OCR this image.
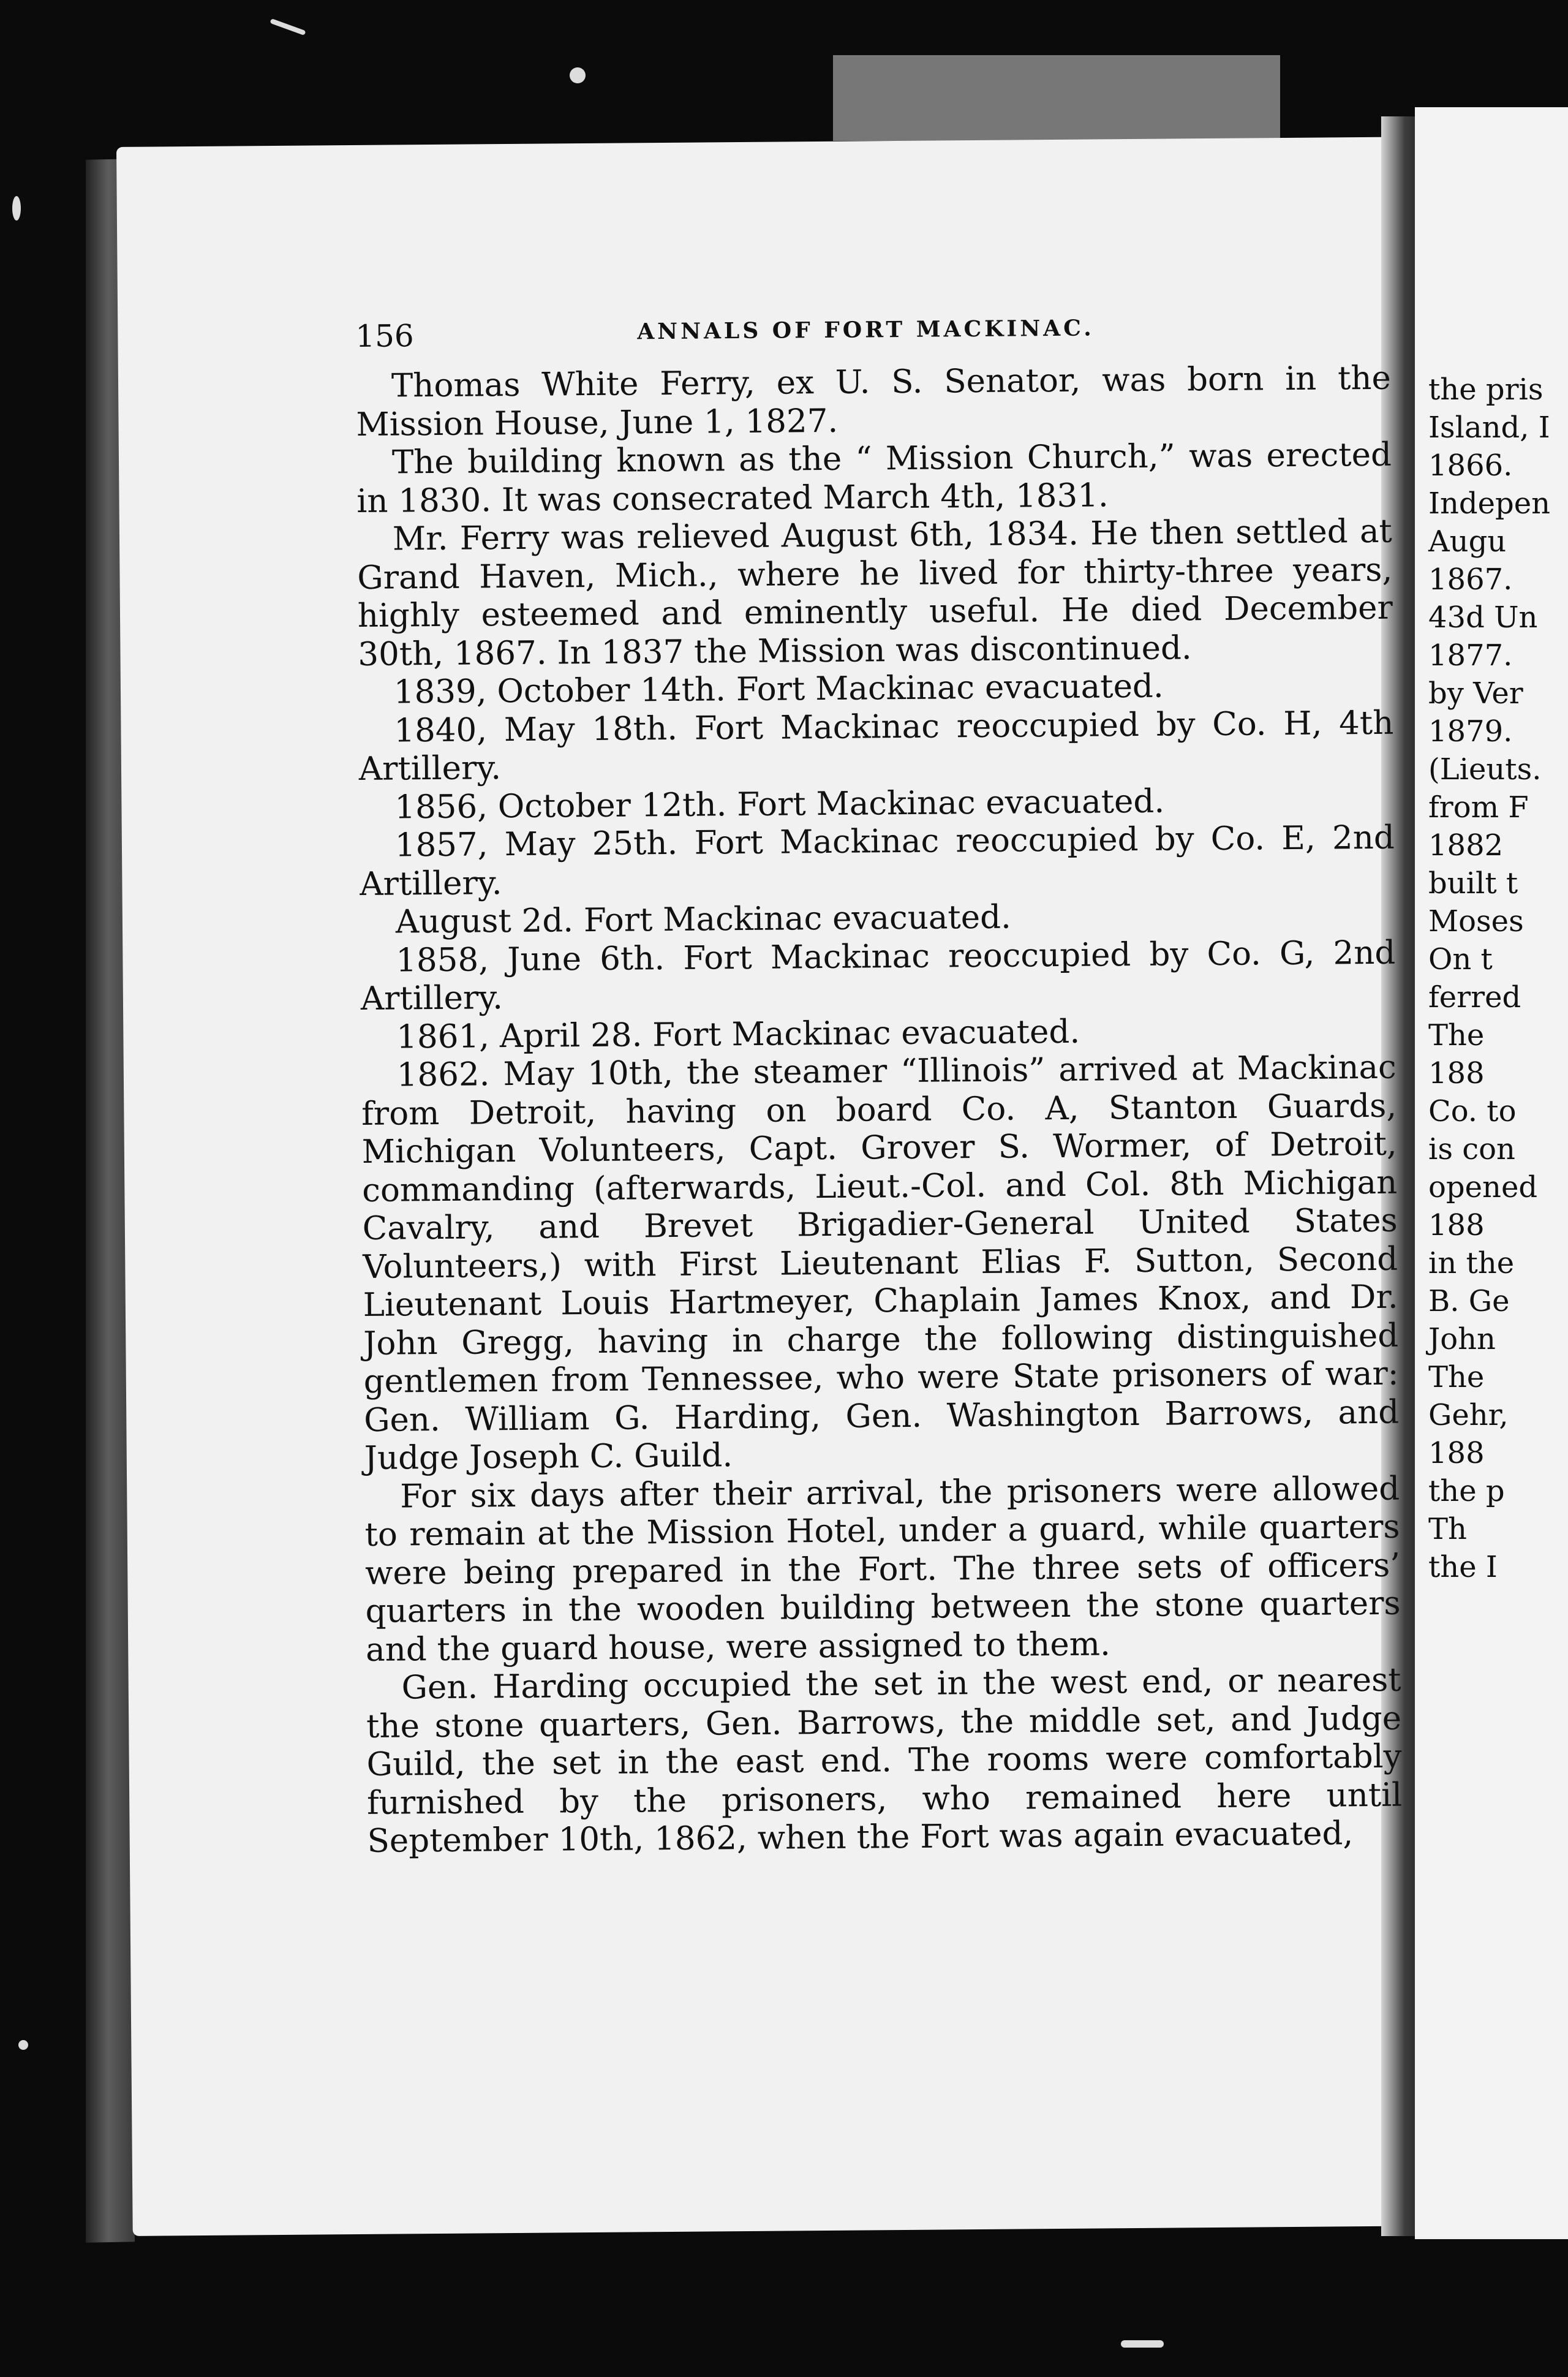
the pris
Island, I
1866.
Indepen
Augu
1867.
43d Un
1877.
by Ver
1879.
(Lieuts.
from F
1882
built t
Moses
On t
ferred
The
188
Co. to
is con
opened
188
in the
B. Ge
John
The
Gehr,
188
the p
Th
the I
156	ANNALS OF FORT MACKINAC.

Thomas White Ferry, ex U. S. Senator, was born in the Mission House, June 1, 1827.

The building known as the “ Mission Church,” was erected in 1830. It was consecrated March 4th, 1831.

Mr. Ferry was relieved August 6th, 1834. He then settled at Grand Haven, Mich., where he lived for thirty-three years, highly esteemed and eminently useful. He died December 30th, 1867. In 1837 the Mission was discontinued.

1839, October 14th. Fort Mackinac evacuated.

1840, May 18th. Fort Mackinac reoccupied by Co. H, 4th Artillery.

1856, October 12th. Fort Mackinac evacuated.

1857, May 25th. Fort Mackinac reoccupied by Co. E, 2nd Artillery.

August 2d. Fort Mackinac evacuated.

1858, June 6th. Fort Mackinac reoccupied by Co. G, 2nd Artillery.

1861, April 28. Fort Mackinac evacuated.

1862. May 10th, the steamer “Illinois” arrived at Mackinac from Detroit, having on board Co. A, Stanton Guards, Michigan Volunteers, Capt. Grover S. Wormer, of Detroit, commanding (afterwards, Lieut.-Col. and Col. 8th Michigan Cavalry, and Brevet Brigadier-General United States Volunteers,) with First Lieutenant Elias F. Sutton, Second Lieutenant Louis Hartmeyer, Chaplain James Knox, and Dr. John Gregg, having in charge the following distinguished gentlemen from Tennessee, who were State prisoners of war: Gen. William G. Harding, Gen. Washington Barrows, and Judge Joseph C. Guild.

For six days after their arrival, the prisoners were allowed to remain at the Mission Hotel, under a guard, while quarters were being prepared in the Fort. The three sets of officers’ quarters in the wooden building between the stone quarters and the guard house, were assigned to them.

Gen. Harding occupied the set in the west end, or nearest the stone quarters, Gen. Barrows, the middle set, and Judge Guild, the set in the east end. The rooms were comfortably furnished by the prisoners, who remained here until September 10th, 1862, when the Fort was again evacuated,
